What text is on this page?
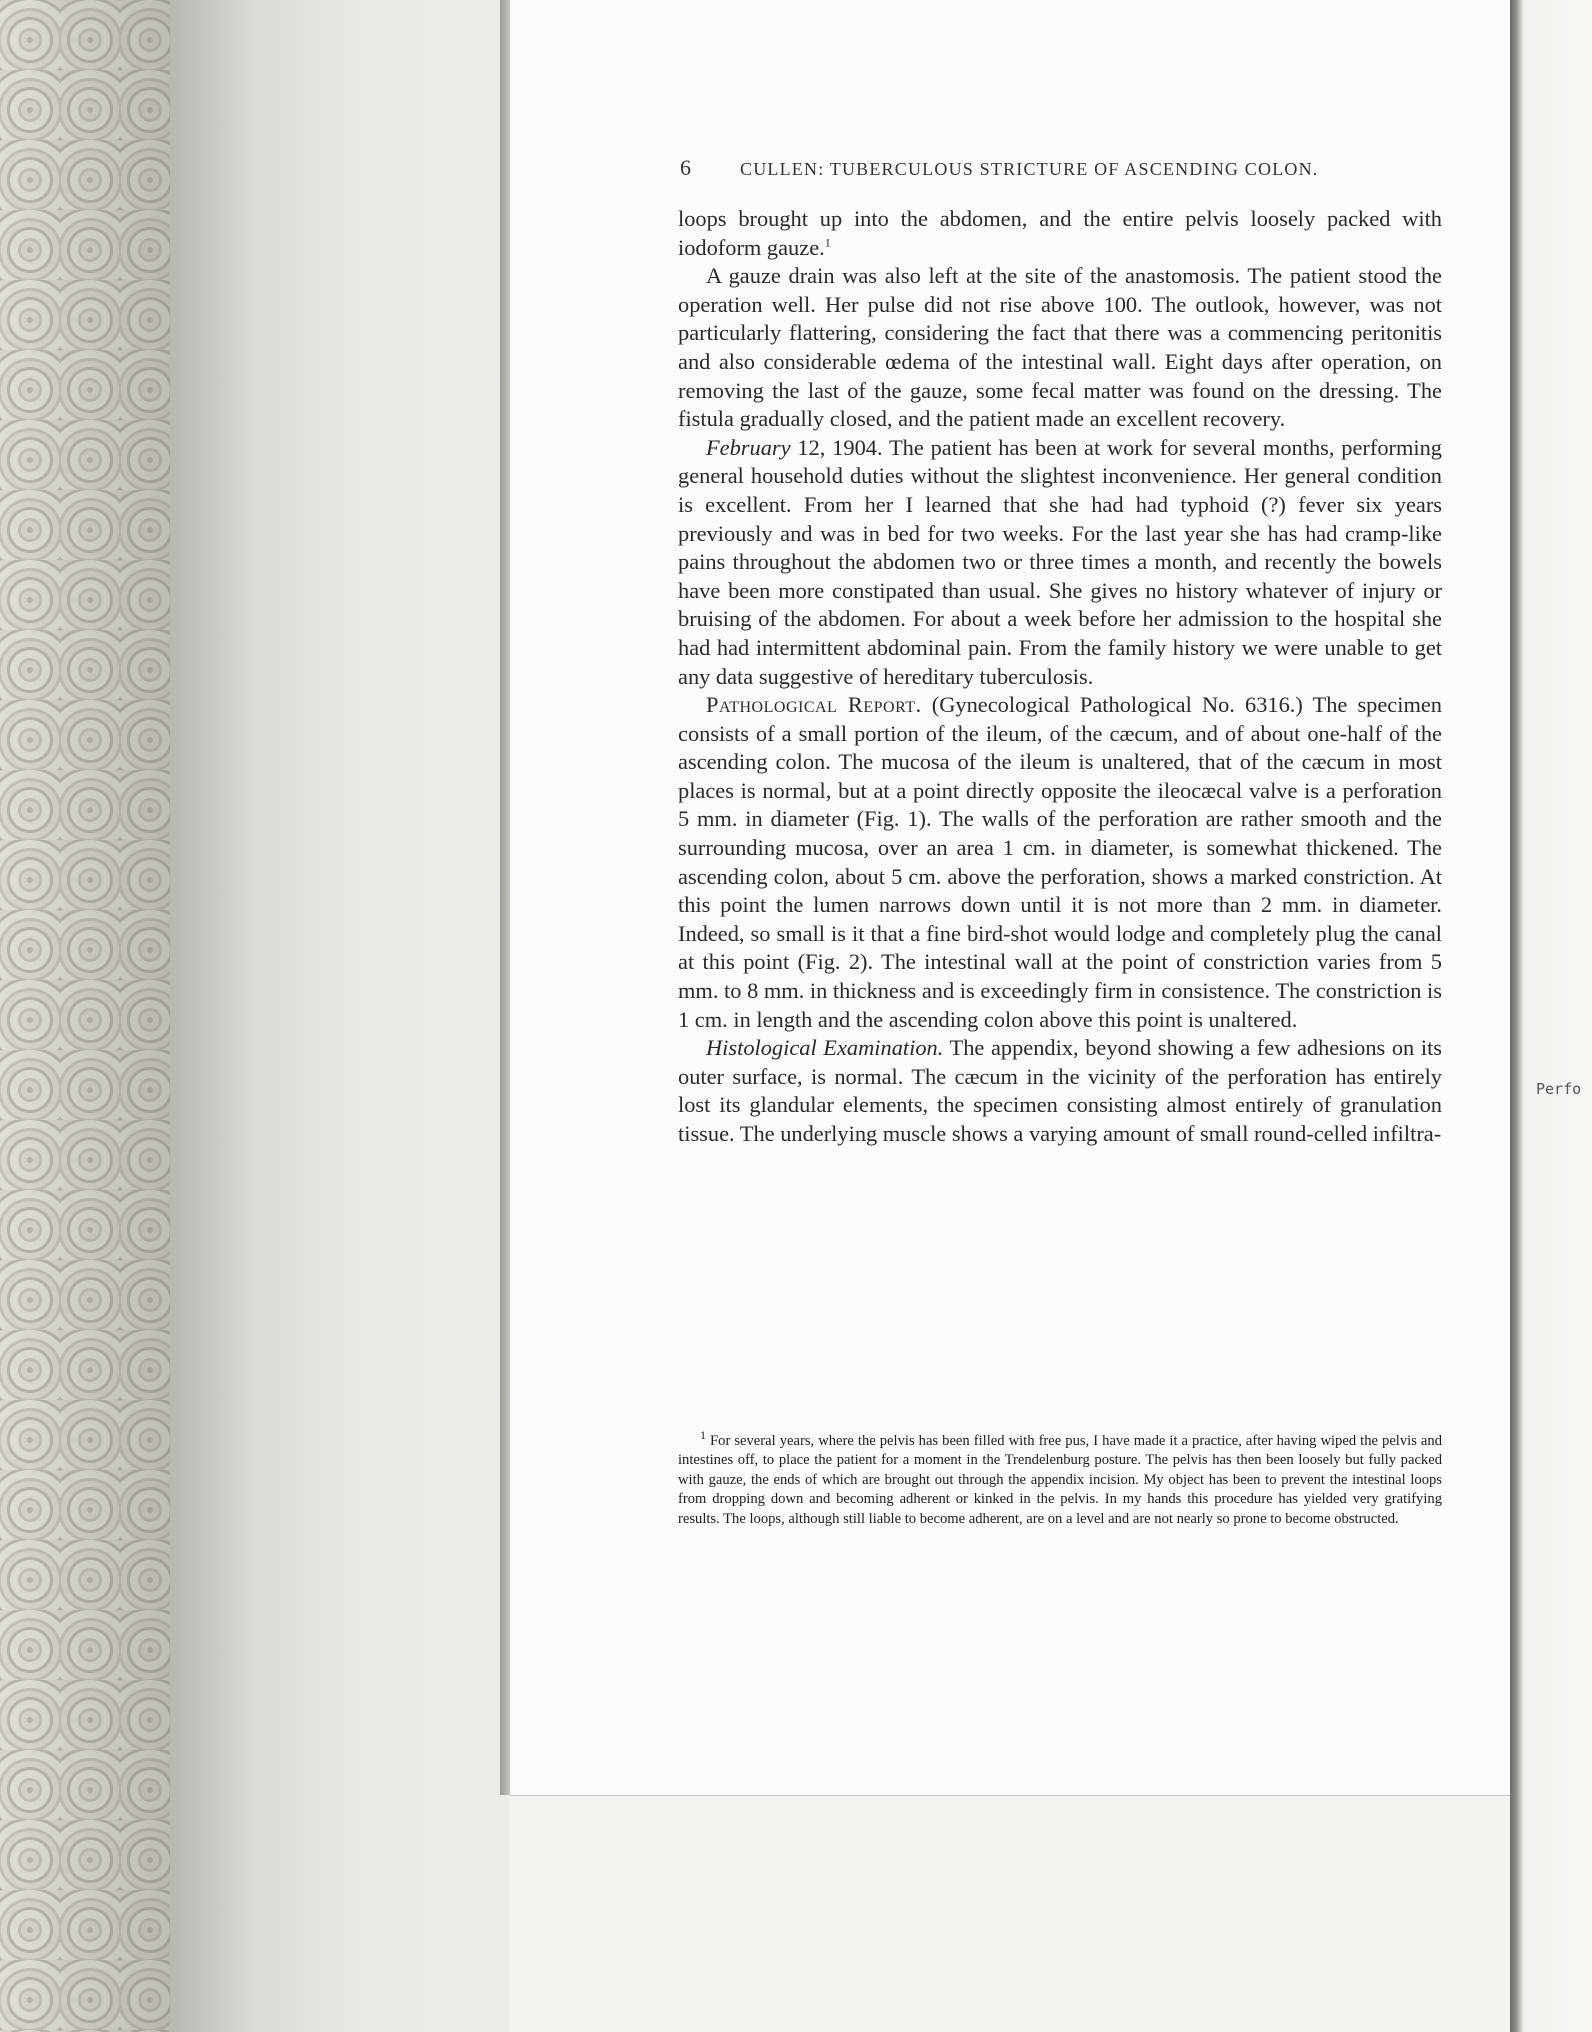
6	CULLEN: TUBERCULOUS STRICTURE OF ASCENDING COLON.

loops brought up into the abdomen, and the entire pelvis loosely packed with iodoform gauze.$^1$

A gauze drain was also left at the site of the anastomosis. The patient stood the operation well. Her pulse did not rise above 100. The outlook, however, was not particularly flattering, considering the fact that there was a commencing peritonitis and also considerable œdema of the intestinal wall. Eight days after operation, on removing the last of the gauze, some fecal matter was found on the dressing. The fistula gradually closed, and the patient made an excellent recovery.

February 12, 1904. The patient has been at work for several months, performing general household duties without the slightest inconvenience. Her general condition is excellent. From her I learned that she had had typhoid (?) fever six years previously and was in bed for two weeks. For the last year she has had cramp-like pains throughout the abdomen two or three times a month, and recently the bowels have been more constipated than usual. She gives no history whatever of injury or bruising of the abdomen. For about a week before her admission to the hospital she had had intermittent abdominal pain. From the family history we were unable to get any data suggestive of hereditary tuberculosis.

Pathological Report. (Gynecological Pathological No. 6316.) The specimen consists of a small portion of the ileum, of the cæcum, and of about one-half of the ascending colon. The mucosa of the ileum is unaltered, that of the cæcum in most places is normal, but at a point directly opposite the ileocæcal valve is a perforation 5 mm. in diameter (Fig. 1). The walls of the perforation are rather smooth and the surrounding mucosa, over an area 1 cm. in diameter, is somewhat thickened. The ascending colon, about 5 cm. above the perforation, shows a marked constriction. At this point the lumen narrows down until it is not more than 2 mm. in diameter. Indeed, so small is it that a fine bird-shot would lodge and completely plug the canal at this point (Fig. 2). The intestinal wall at the point of constriction varies from 5 mm. to 8 mm. in thickness and is exceedingly firm in consistence. The constriction is 1 cm. in length and the ascending colon above this point is unaltered.

Histological Examination. The appendix, beyond showing a few adhesions on its outer surface, is normal. The cæcum in the vicinity of the perforation has entirely lost its glandular elements, the specimen consisting almost entirely of granulation tissue. The underlying muscle shows a varying amount of small round-celled infiltra-

$^1$ For several years, where the pelvis has been filled with free pus, I have made it a practice, after having wiped the pelvis and intestines off, to place the patient for a moment in the Trendelenburg posture. The pelvis has then been loosely but fully packed with gauze, the ends of which are brought out through the appendix incision. My object has been to prevent the intestinal loops from dropping down and becoming adherent or kinked in the pelvis. In my hands this procedure has yielded very gratifying results. The loops, although still liable to become adherent, are on a level and are not nearly so prone to become obstructed.

Perfo
